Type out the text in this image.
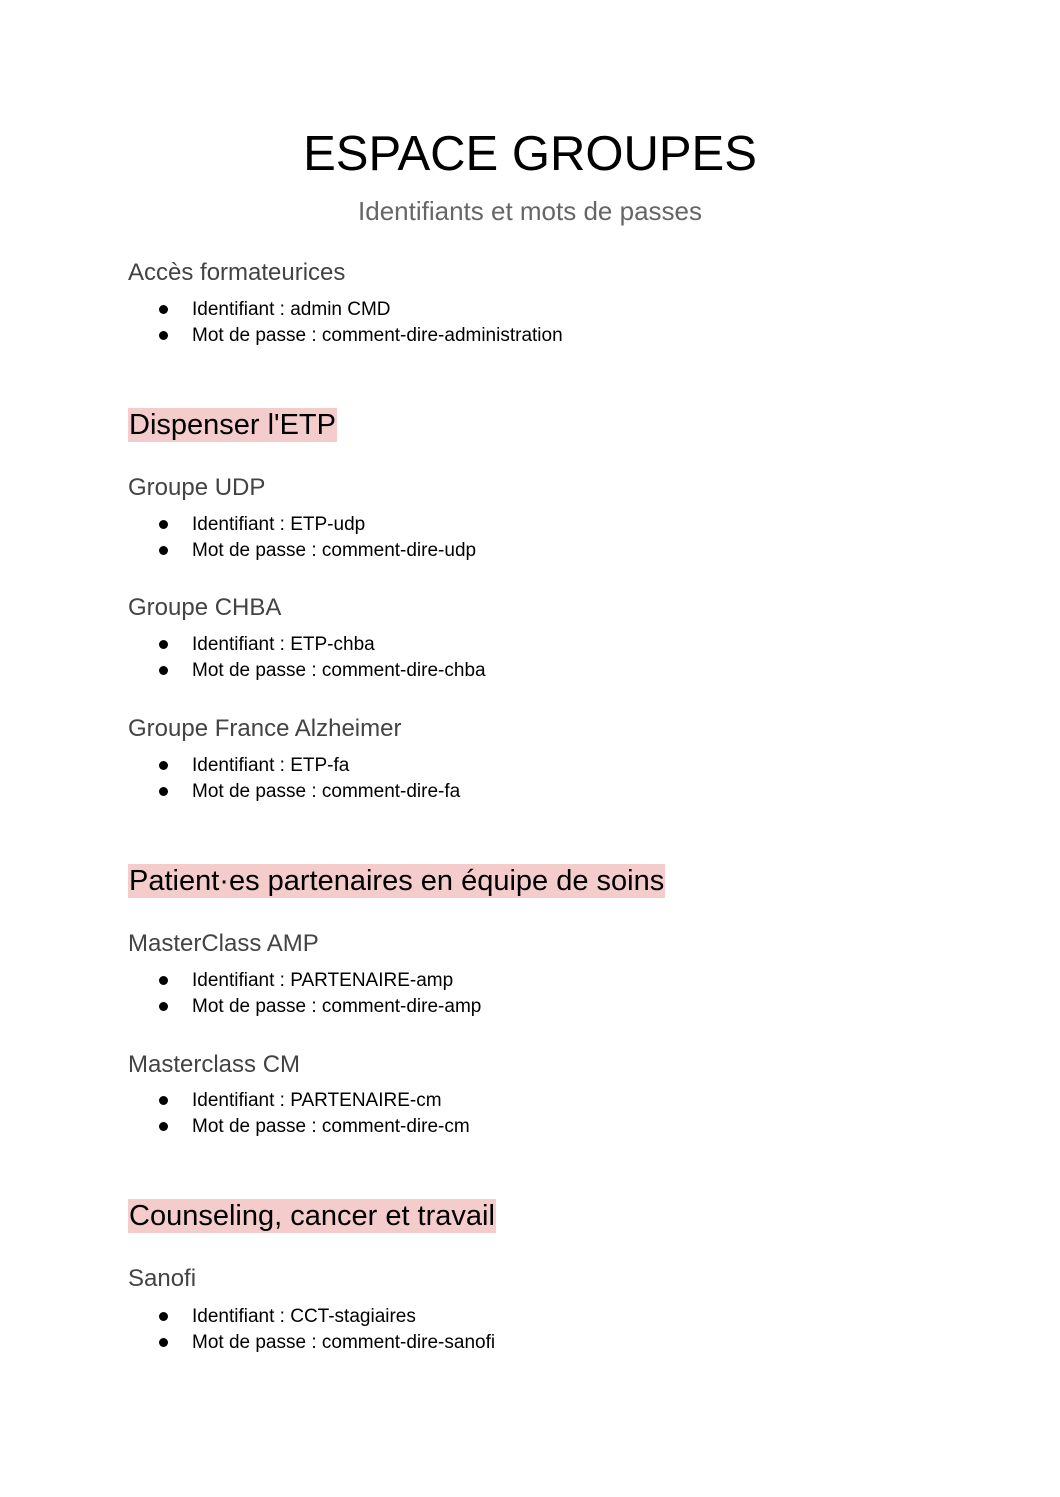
ESPACE GROUPES
Identifiants et mots de passes
Accès formateurices
Identifiant : admin CMD
Mot de passe : comment-dire-administration
Dispenser l'ETP
Groupe UDP
Identifiant : ETP-udp
Mot de passe : comment-dire-udp
Groupe CHBA
Identifiant : ETP-chba
Mot de passe : comment-dire-chba
Groupe France Alzheimer
Identifiant : ETP-fa
Mot de passe : comment-dire-fa
Patient·es partenaires en équipe de soins
MasterClass AMP
Identifiant : PARTENAIRE-amp
Mot de passe : comment-dire-amp
Masterclass CM
Identifiant : PARTENAIRE-cm
Mot de passe : comment-dire-cm
Counseling, cancer et travail
Sanofi
Identifiant : CCT-stagiaires
Mot de passe : comment-dire-sanofi
